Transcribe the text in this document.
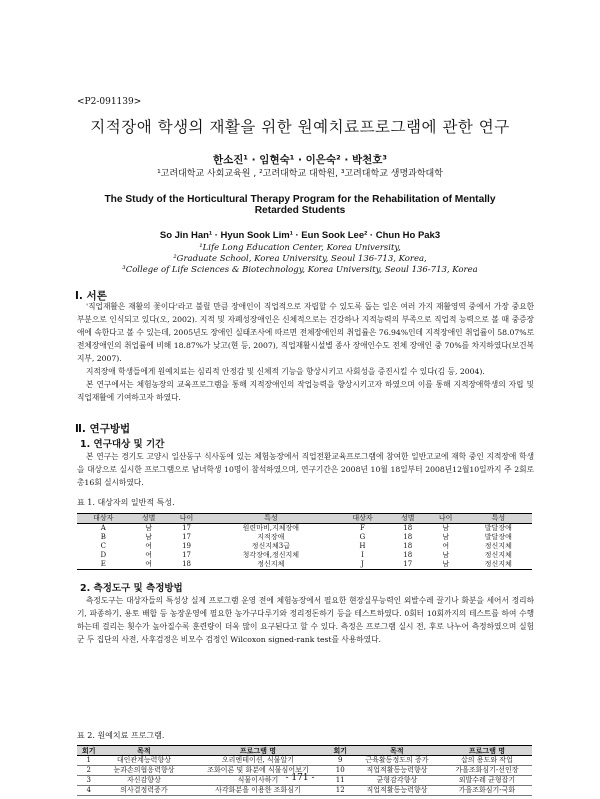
<P2-091139>
지적장애 학생의 재활을 위한 원예치료프로그램에 관한 연구
한소진¹ · 임현숙¹ · 이은숙² · 박천호³
¹고려대학교 사회교육원 , ²고려대학교 대학원, ³고려대학교 생명과학대학
The Study of the Horticultural Therapy Program for the Rehabilitation of Mentally
Retarded Students
So Jin Han¹ · Hyun Sook Lim¹ · Eun Sook Lee² · Chun Ho Pak3
¹Life Long Education Center, Korea University,
²Graduate School, Korea University, Seoul 136-713, Korea,
³College of Life Sciences & Biotechnology, Korea University, Seoul 136-713, Korea
Ⅰ. 서론

'직업재활은 재활의 꽃이다'라고 불릴 만큼 장애인이 직업적으로 자립할 수 있도록 돕는 일은 여러 가지 재활영역 중에서 가장 중요한 부분으로 인식되고 있다(오, 2002). 지적 및 자폐성장애인은 신체적으로는 건강하나 지적능력의 부족으로 직업적 능력으로 볼 때 중증장애에 속한다고 볼 수 있는데, 2005년도 장애인 실태조사에 따르면 전체장애인의 취업률은 76.94%인데 지적장애인 취업률이 58.07%로 전체장애인의 취업률에 비해 18.87%가 낮고(현 등, 2007), 직업재활시설별 종사 장애인수도 전체 장애인 중 70%를 차지하였다(보건복지부, 2007).

지적장애 학생들에게 원예치료는 심리적 안정감 및 신체적 기능을 향상시키고 사회성을 증진시킬 수 있다(김 등, 2004).

본 연구에서는 체험농장의 교육프로그램을 통해 지적장애인의 작업능력을 향상시키고자 하였으며 이를 통해 지적장애학생의 자립 및 직업재활에 기여하고자 하였다.

Ⅱ. 연구방법
1. 연구대상 및 기간

본 연구는 경기도 고양시 일산동구 식사동에 있는 체험농장에서 직업전환교육프로그램에 참여한 일반고교에 재학 중인 지적장애 학생을 대상으로 실시한 프로그램으로 남녀학생 10명이 참석하였으며, 연구기간은 2008년 10월 18일부터 2008년12월10일까지 주 2회로 총16회 실시하였다.

표 1. 대상자의 일반적 특성.
대상자	성별	나이	특성	대상자	성별	나이	특성
A	남	17	원련마비,지체장애	F	18	남	발달장애
B	남	17	지적장애	G	18	남	발달장애
C	여	19	정신지체3급	H	18	여	정신지체
D	여	17	청각장애,정신지체	I	18	남	정신지체
E	여	18	정신지체	J	17	남	정신지체
2. 측정도구 및 측정방법

측정도구는 대상자들의 특성상 실제 프로그램 운영 전에 체험농장에서 필요한 현장실무능력인 외발수레 끌기나 화분을 세어서 정리하기, 파종하기, 용토 배합 등 농장운영에 필요한 농가구다루기와 정리정돈하기 등을 테스트하였다. 0회터 10회까지의 테스트를 하여 수행하는데 걸리는 횟수가 높아질수록 훈련량이 더욱 많이 요구된다고 할 수 있다. 측정은 프로그램 실시 전, 후로 나누어 측정하였으며 실험군 두 집단의 사전, 사후검정은 비모수 검정인 Wilcoxon signed-rank test를 사용하였다.

표 2. 원예치료 프로그램.
회기	목적	프로그램 명	회기	목적	프로그램 명
1	대인관계능력향상	오리엔테이션, 식물알기	9	근육활동정도의 증가	삽의 용도와 작업
2	눈과손의협응력향상	조화이론 및 화분에 식물심어보기	10	직업적활동능력향상	가을조화심기-선인장
3	자신감향상	식물이사하기	11	균형감각향상	외발수레 균형잡기
4	의사결정력증가	사각화분을 이용한 조화심기	12	직업적활동능력향상	가을조화심기-국화
- 171 -
